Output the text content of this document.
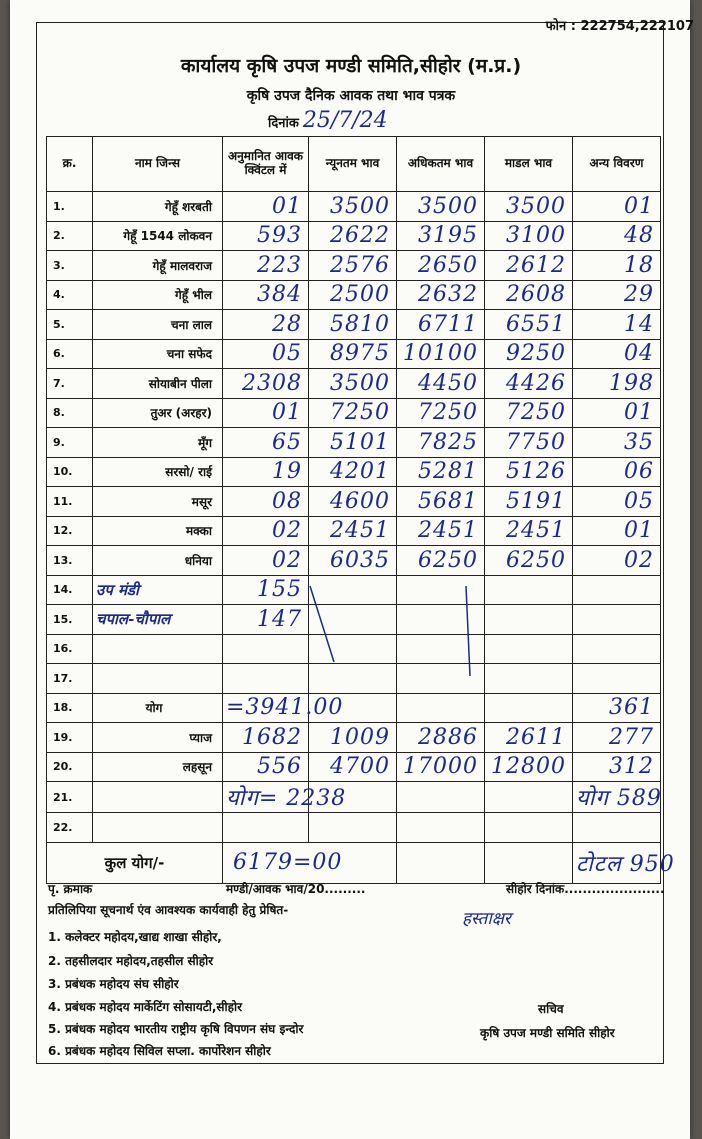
फोन : 222754,222107
कार्यालय कृषि उपज मण्डी समिति,सीहोर (म.प्र.)
कृषि उपज दैनिक आवक तथा भाव पत्रक
दिनांक 25/7/24
क्र.	नाम जिन्स	अनुमानित आवक क्विंटल में	न्यूनतम भाव	अधिकतम भाव	माडल भाव	अन्य विवरण
1.	गेहूँ शरबती	01	3500	3500	3500	01
2.	गेहूँ 1544 लोकवन	593	2622	3195	3100	48
3.	गेहूँ मालवराज	223	2576	2650	2612	18
4.	गेहूँ भील	384	2500	2632	2608	29
5.	चना लाल	28	5810	6711	6551	14
6.	चना सफेद	05	8975	10100	9250	04
7.	सोयाबीन पीला	2308	3500	4450	4426	198
8.	तुअर (अरहर)	01	7250	7250	7250	01
9.	मूँग	65	5101	7825	7750	35
10.	सरसो/ राई	19	4201	5281	5126	06
11.	मसूर	08	4600	5681	5191	05
12.	मक्का	02	2451	2451	2451	01
13.	धनिया	02	6035	6250	6250	02
14.	उप मंडी	155				
15.	चपाल-चौपाल	147				
16.						
17.						
18.	योग	=3941.00				361
19.	प्याज	1682	1009	2886	2611	277
20.	लहसून	556	4700	17000	12800	312
21.		योग= 2238				योग 589
22.						
कुल योग/-		6179=00				टोटल 950
पृ. क्रमाक	मण्डी/आवक भाव/20.........	सीहोर दिनांक......................
प्रतिलिपिया सूचनार्थ एंव आवश्यक कार्यवाही हेतु प्रेषित-	हस्ताक्षर
1. कलेक्टर महोदय,खाद्य शाखा सीहोर,
2. तहसीलदार महोदय,तहसील सीहोर
3. प्रबंधक महोदय संघ सीहोर
4. प्रबंधक महोदय मार्केटिंग सोसायटी,सीहोर
5. प्रबंधक महोदय भारतीय राष्ट्रीय कृषि विपणन संघ इन्दोर
6. प्रबंधक महोदय सिविल सप्ला. कार्पोरेशन सीहोर
सचिव
कृषि उपज मण्डी समिति सीहोर
